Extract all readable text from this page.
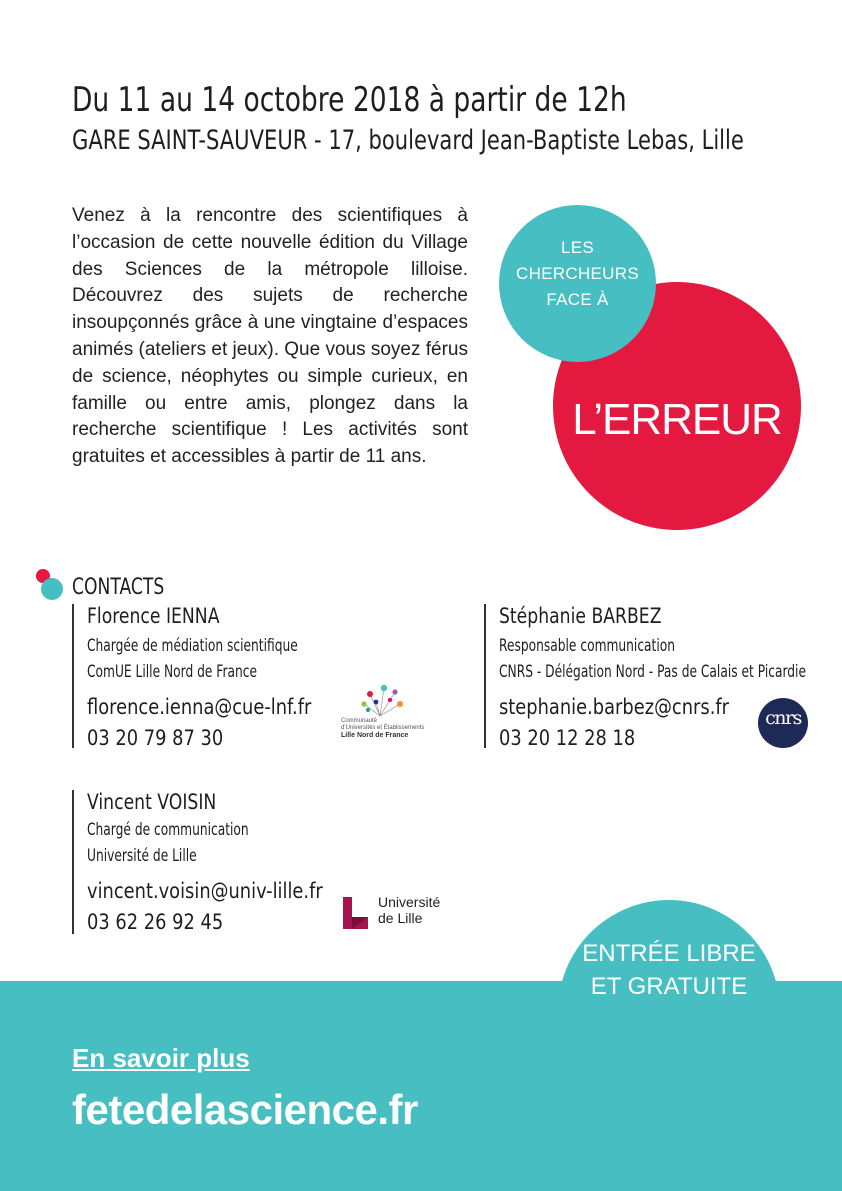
Du 11 au 14 octobre 2018 à partir de 12h
GARE SAINT-SAUVEUR - 17, boulevard Jean-Baptiste Lebas, Lille
Venez à la rencontre des scientifiques à l’occasion de cette nouvelle édition du Village des Sciences de la métropole lilloise. Découvrez des sujets de recherche insoupçonnés grâce à une vingtaine d’espaces animés (ateliers et jeux). Que vous soyez férus de science, néophytes ou simple curieux, en famille ou entre amis, plongez dans la recherche scientifique ! Les activités sont gratuites et accessibles à partir de 11 ans.
LES
CHERCHEURS
FACE À
L’ERREUR
CONTACTS
Florence IENNA
Chargée de médiation scientifique
ComUE Lille Nord de France
florence.ienna@cue-lnf.fr
03 20 79 87 30
Stéphanie BARBEZ
Responsable communication
CNRS - Délégation Nord - Pas de Calais et Picardie
stephanie.barbez@cnrs.fr
03 20 12 28 18
Vincent VOISIN
Chargé de communication
Université de Lille
vincent.voisin@univ-lille.fr
03 62 26 92 45
Communauté
d’Universités et Établissements
Lille Nord de France
cnrs
Université
de Lille
ENTRÉE LIBRE
ET GRATUITE
En savoir plus
fetedelascience.fr
